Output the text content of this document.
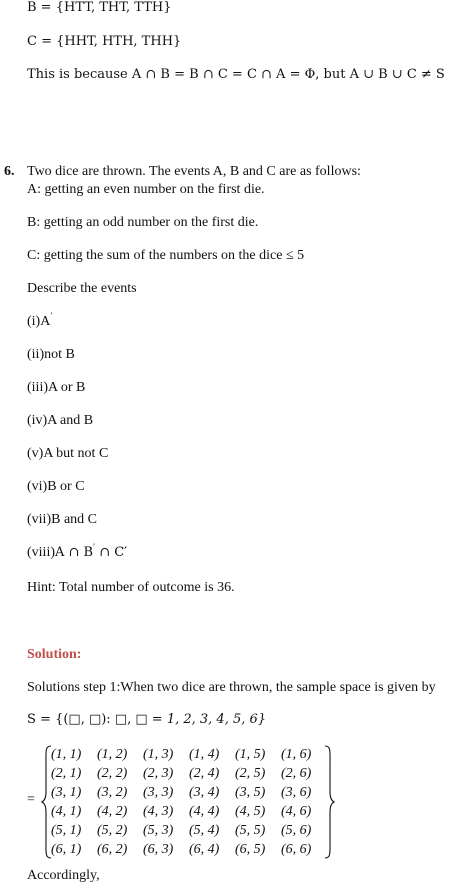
B = {HTT, THT, TTH}
C = {HHT, HTH, THH}
This is because A ∩ B = B ∩ C = C ∩ A = Φ, but A ∪ B ∪ C ≠ S
6. Two dice are thrown. The events A, B and C are as follows:
A: getting an even number on the first die.
B: getting an odd number on the first die.
C: getting the sum of the numbers on the dice ≤ 5
Describe the events
(i)A′
(ii)not B
(iii)A or B
(iv)A and B
(v)A but not C
(vi)B or C
(vii)B and C
(viii)A ∩ B′ ∩ C′
Hint: Total number of outcome is 36.
Solution:
Solutions step 1:When two dice are thrown, the sample space is given by
S = {(□, □): □, □ = 1, 2, 3, 4, 5, 6}
=
(1, 1)	(1, 2)	(1, 3)	(1, 4)	(1, 5)	(1, 6)
(2, 1)	(2, 2)	(2, 3)	(2, 4)	(2, 5)	(2, 6)
(3, 1)	(3, 2)	(3, 3)	(3, 4)	(3, 5)	(3, 6)
(4, 1)	(4, 2)	(4, 3)	(4, 4)	(4, 5)	(4, 6)
(5, 1)	(5, 2)	(5, 3)	(5, 4)	(5, 5)	(5, 6)
(6, 1)	(6, 2)	(6, 3)	(6, 4)	(6, 5)	(6, 6)
Accordingly,
